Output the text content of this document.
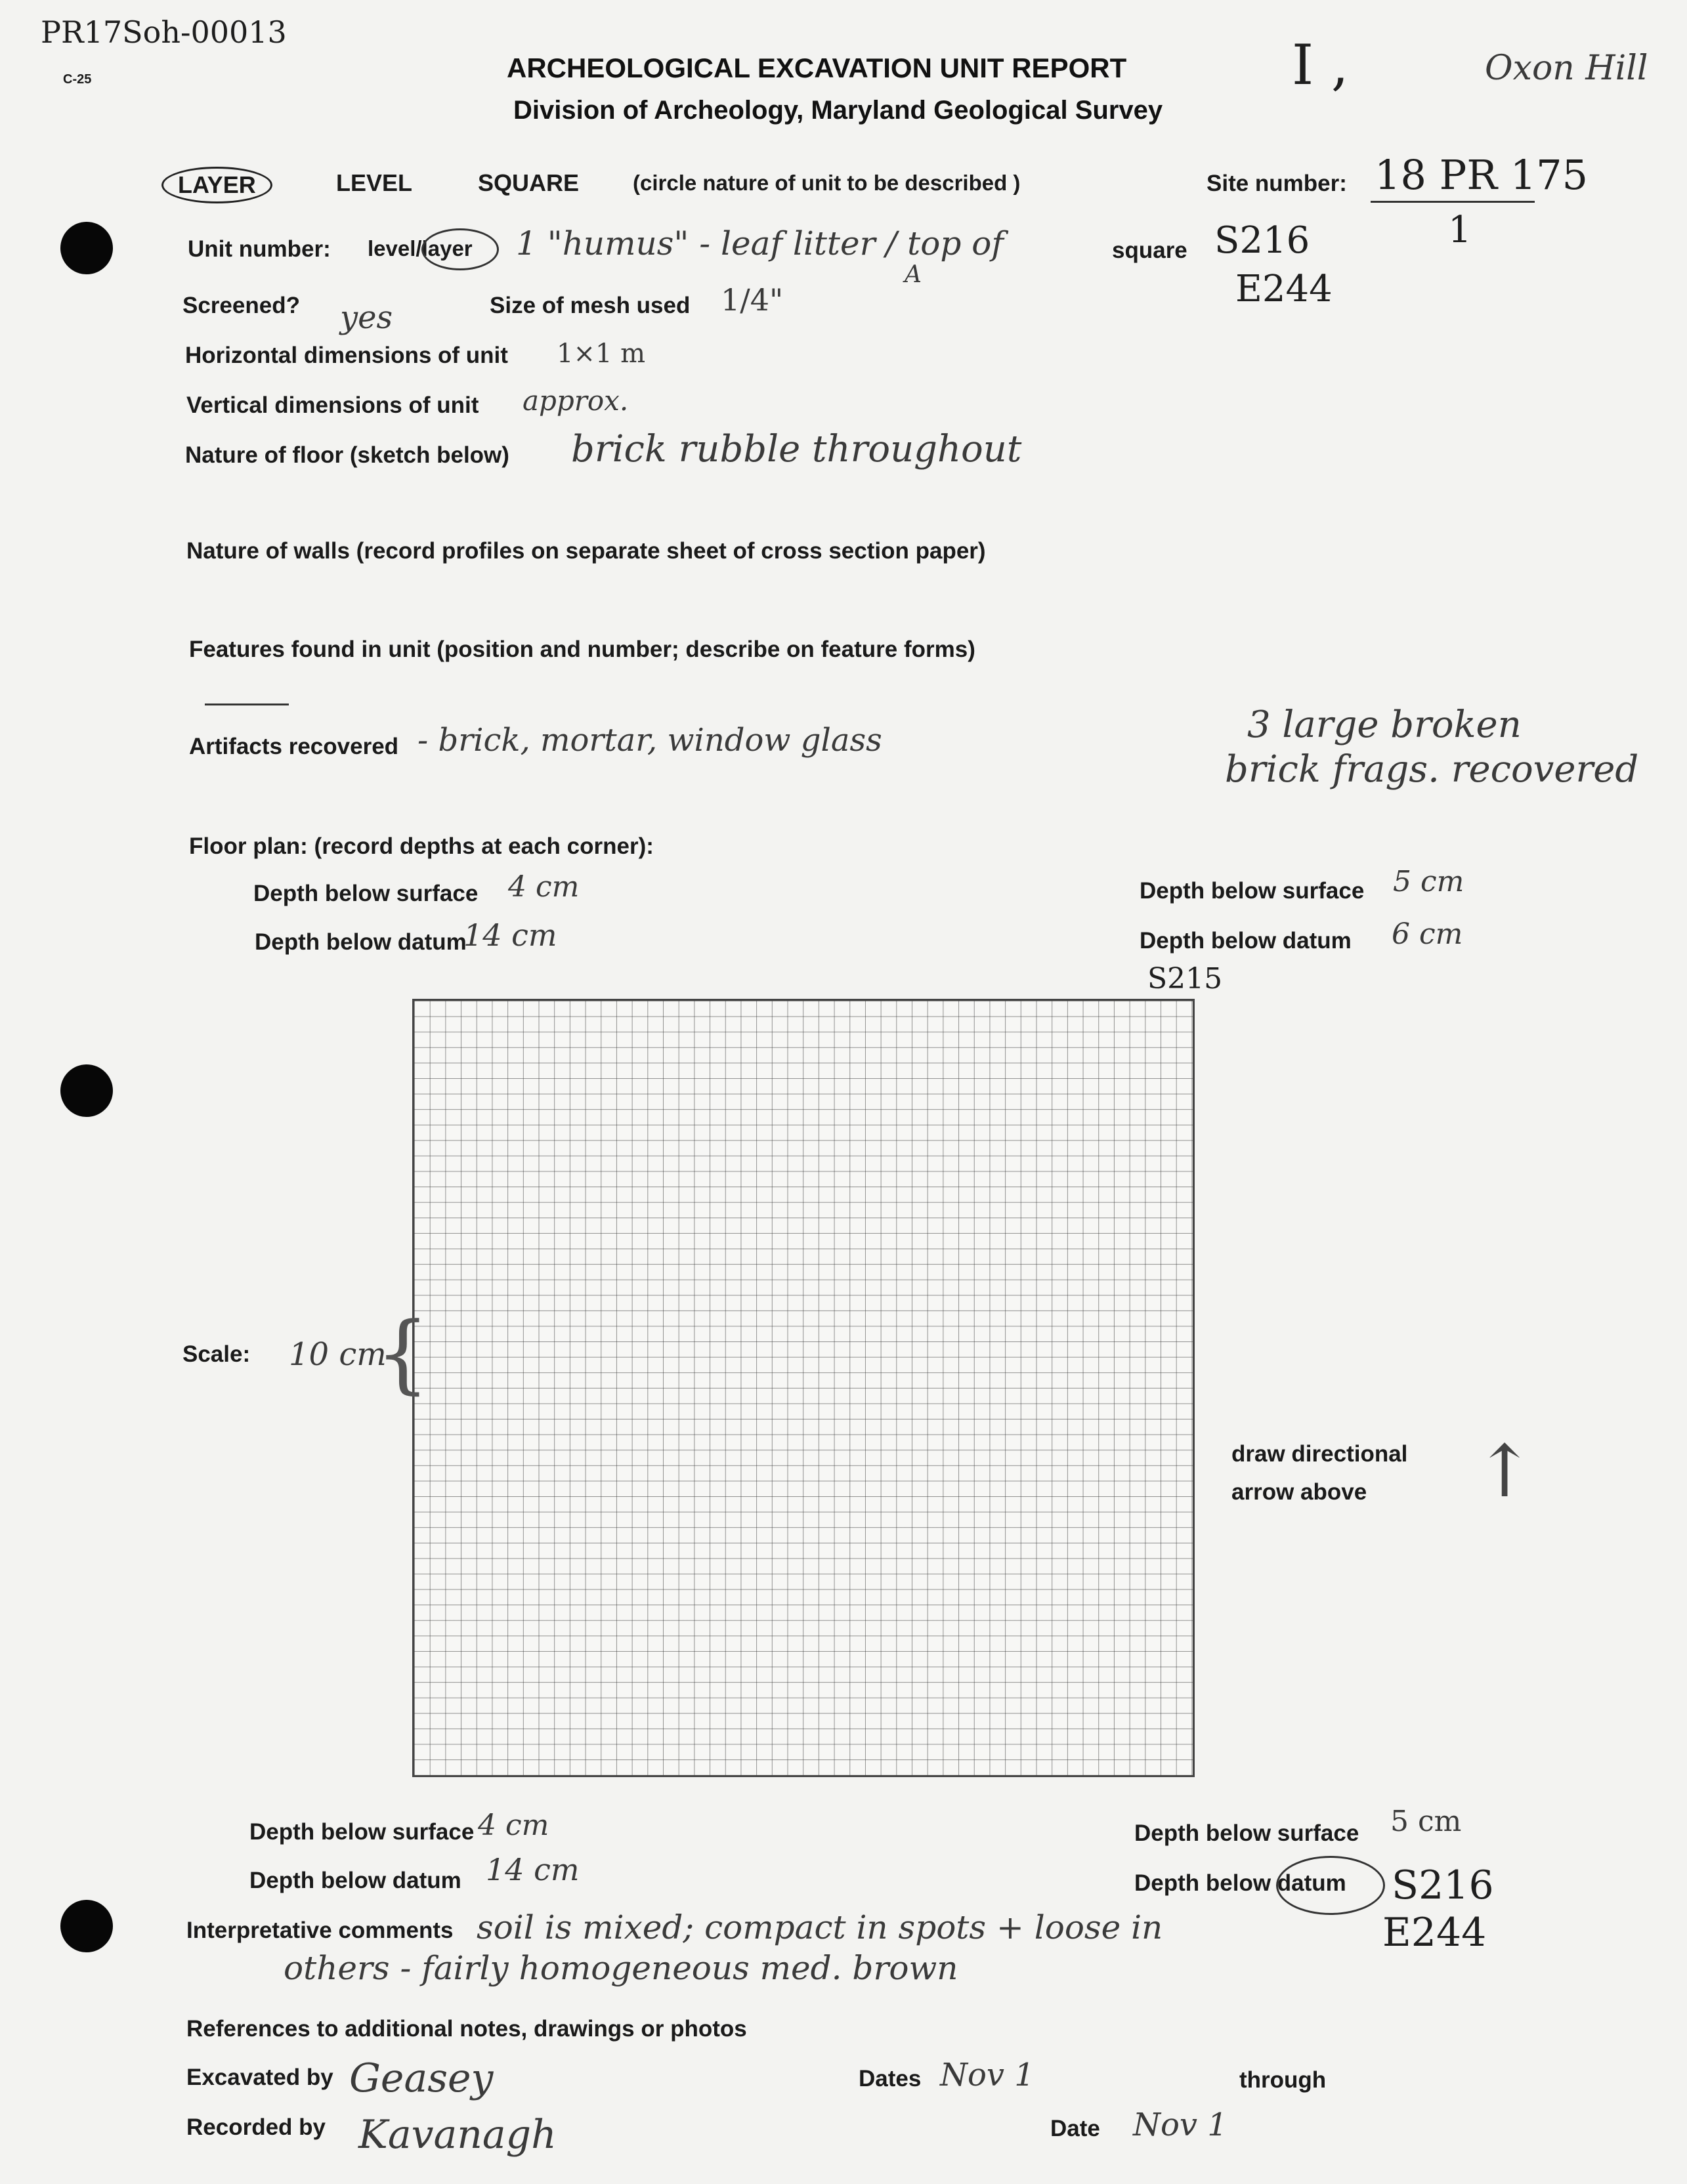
PR17Soh-00013
C-25	ARCHEOLOGICAL EXCAVATION UNIT REPORT
Division of Archeology, Maryland Geological Survey
I ,	Oxon Hill
LAYER	LEVEL	SQUARE (circle nature of unit to be described )	Site number: 18 PR 175
1
Unit number: level/layer 1 "humus" - leaf litter / top of
A
square S216
E244
Screened? yes	Size of mesh used 1/4"
Horizontal dimensions of unit 1×1 m
Vertical dimensions of unit approx.
Nature of floor (sketch below) brick rubble throughout
Nature of walls (record profiles on separate sheet of cross section paper)
Features found in unit (position and number; describe on feature forms)
Artifacts recovered - brick, mortar, window glass	3 large broken
brick frags. recovered
Floor plan: (record depths at each corner):
Depth below surface 4 cm
Depth below datum
14 cm
Depth below surface 5 cm
Depth below datum 6 cm
S215
Scale: 10 cm
{
draw directional
arrow above ↑
Depth below surface 4 cm
Depth below datum 14 cm
Depth below surface 5 cm
Depth below datum S216
E244
Interpretative comments soil is mixed; compact in spots + loose in
others - fairly homogeneous med. brown
References to additional notes, drawings or photos
Excavated by Geasey	Dates Nov 1	through
Recorded by Kavanagh	Date Nov 1
